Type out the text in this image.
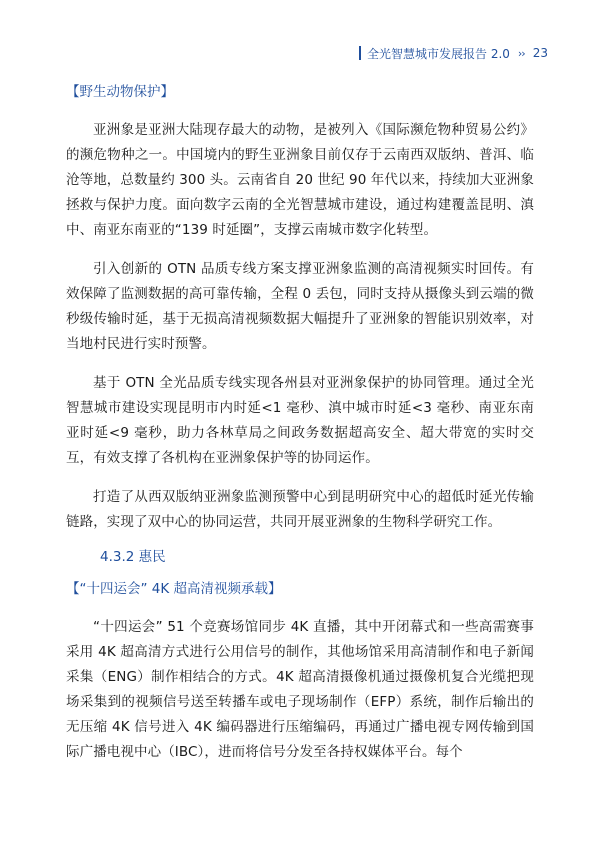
全光智慧城市发展报告 2.0 ›› 23
【野生动物保护】

亚洲象是亚洲大陆现存最大的动物，是被列入《国际濒危物种贸易公约》的濒危物种之一。中国境内的野生亚洲象目前仅存于云南西双版纳、普洱、临沧等地，总数量约 300 头。云南省自 20 世纪 90 年代以来，持续加大亚洲象拯救与保护力度。面向数字云南的全光智慧城市建设，通过构建覆盖昆明、滇中、南亚东南亚的“139 时延圈”，支撑云南城市数字化转型。

引入创新的 OTN 品质专线方案支撑亚洲象监测的高清视频实时回传。有效保障了监测数据的高可靠传输，全程 0 丢包，同时支持从摄像头到云端的微秒级传输时延，基于无损高清视频数据大幅提升了亚洲象的智能识别效率，对当地村民进行实时预警。

基于 OTN 全光品质专线实现各州县对亚洲象保护的协同管理。通过全光智慧城市建设实现昆明市内时延<1 毫秒、滇中城市时延<3 毫秒、南亚东南亚时延<9 毫秒，助力各林草局之间政务数据超高安全、超大带宽的实时交互，有效支撑了各机构在亚洲象保护等的协同运作。

打造了从西双版纳亚洲象监测预警中心到昆明研究中心的超低时延光传输链路，实现了双中心的协同运营，共同开展亚洲象的生物科学研究工作。

4.3.2 惠民
【“十四运会” 4K 超高清视频承载】

“十四运会” 51 个竞赛场馆同步 4K 直播，其中开闭幕式和一些高需赛事采用 4K 超高清方式进行公用信号的制作，其他场馆采用高清制作和电子新闻采集（ENG）制作相结合的方式。4K 超高清摄像机通过摄像机复合光缆把现场采集到的视频信号送至转播车或电子现场制作（EFP）系统，制作后输出的无压缩 4K 信号进入 4K 编码器进行压缩编码，再通过广播电视专网传输到国际广播电视中心（IBC），进而将信号分发至各持权媒体平台。每个
